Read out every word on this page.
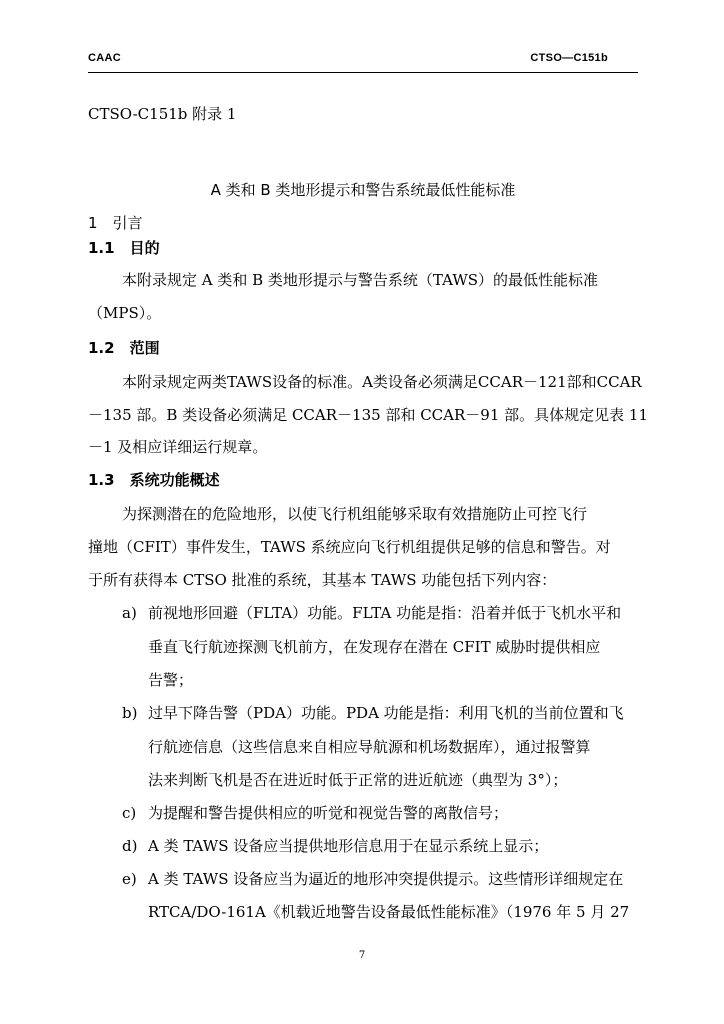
CAAC	CTSO—C151b
CTSO-C151b 附录 1
A 类和 B 类地形提示和警告系统最低性能标准
1　引言
1.1　目的
本附录规定 A 类和 B 类地形提示与警告系统（TAWS）的最低性能标准
（MPS）。
1.2　范围
本附录规定两类TAWS设备的标准。A类设备必须满足CCAR－121部和CCAR
－135 部。B 类设备必须满足 CCAR－135 部和 CCAR－91 部。具体规定见表 11
－1 及相应详细运行规章。
1.3　系统功能概述
为探测潜在的危险地形，以使飞行机组能够采取有效措施防止可控飞行
撞地（CFIT）事件发生，TAWS 系统应向飞行机组提供足够的信息和警告。对
于所有获得本 CTSO 批准的系统，其基本 TAWS 功能包括下列内容：
a) 前视地形回避（FLTA）功能。FLTA 功能是指：沿着并低于飞机水平和
垂直飞行航迹探测飞机前方，在发现存在潜在 CFIT 威胁时提供相应
告警；
b) 过早下降告警（PDA）功能。PDA 功能是指：利用飞机的当前位置和飞
行航迹信息（这些信息来自相应导航源和机场数据库），通过报警算
法来判断飞机是否在进近时低于正常的进近航迹（典型为 3°）；
c) 为提醒和警告提供相应的听觉和视觉告警的离散信号；
d) A 类 TAWS 设备应当提供地形信息用于在显示系统上显示；
e) A 类 TAWS 设备应当为逼近的地形冲突提供提示。这些情形详细规定在
RTCA/DO-161A《机载近地警告设备最低性能标准》（1976 年 5 月 27
7
